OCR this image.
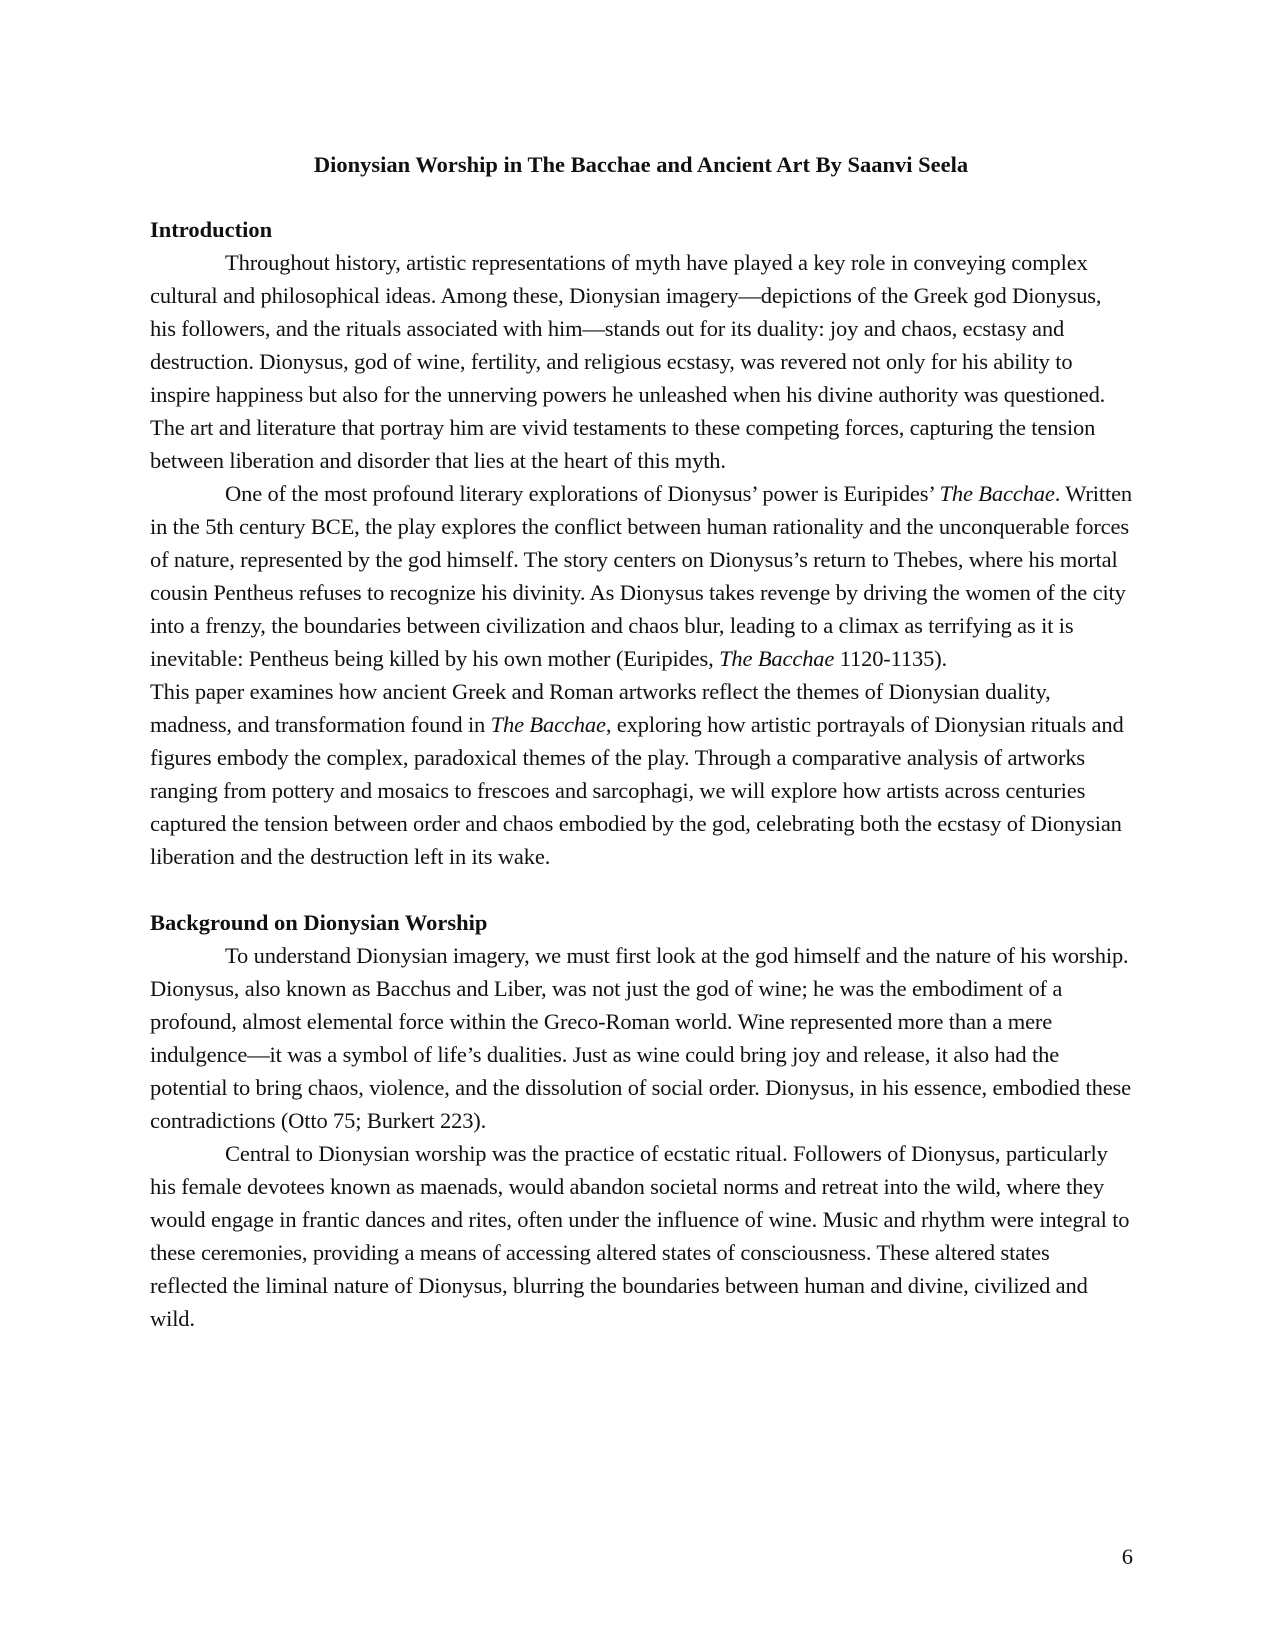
Dionysian Worship in The Bacchae and Ancient Art By Saanvi Seela
Introduction

Throughout history, artistic representations of myth have played a key role in conveying complex cultural and philosophical ideas. Among these, Dionysian imagery—depictions of the Greek god Dionysus, his followers, and the rituals associated with him—stands out for its duality: joy and chaos, ecstasy and destruction. Dionysus, god of wine, fertility, and religious ecstasy, was revered not only for his ability to inspire happiness but also for the unnerving powers he unleashed when his divine authority was questioned. The art and literature that portray him are vivid testaments to these competing forces, capturing the tension between liberation and disorder that lies at the heart of this myth.

One of the most profound literary explorations of Dionysus’ power is Euripides’ The Bacchae. Written in the 5th century BCE, the play explores the conflict between human rationality and the unconquerable forces of nature, represented by the god himself. The story centers on Dionysus’s return to Thebes, where his mortal cousin Pentheus refuses to recognize his divinity. As Dionysus takes revenge by driving the women of the city into a frenzy, the boundaries between civilization and chaos blur, leading to a climax as terrifying as it is inevitable: Pentheus being killed by his own mother (Euripides, The Bacchae 1120-1135).

This paper examines how ancient Greek and Roman artworks reflect the themes of Dionysian duality, madness, and transformation found in The Bacchae, exploring how artistic portrayals of Dionysian rituals and figures embody the complex, paradoxical themes of the play. Through a comparative analysis of artworks ranging from pottery and mosaics to frescoes and sarcophagi, we will explore how artists across centuries captured the tension between order and chaos embodied by the god, celebrating both the ecstasy of Dionysian liberation and the destruction left in its wake.

Background on Dionysian Worship

To understand Dionysian imagery, we must first look at the god himself and the nature of his worship. Dionysus, also known as Bacchus and Liber, was not just the god of wine; he was the embodiment of a profound, almost elemental force within the Greco-Roman world. Wine represented more than a mere indulgence—it was a symbol of life’s dualities. Just as wine could bring joy and release, it also had the potential to bring chaos, violence, and the dissolution of social order. Dionysus, in his essence, embodied these contradictions (Otto 75; Burkert 223).

Central to Dionysian worship was the practice of ecstatic ritual. Followers of Dionysus, particularly his female devotees known as maenads, would abandon societal norms and retreat into the wild, where they would engage in frantic dances and rites, often under the influence of wine. Music and rhythm were integral to these ceremonies, providing a means of accessing altered states of consciousness. These altered states reflected the liminal nature of Dionysus, blurring the boundaries between human and divine, civilized and wild.

6
